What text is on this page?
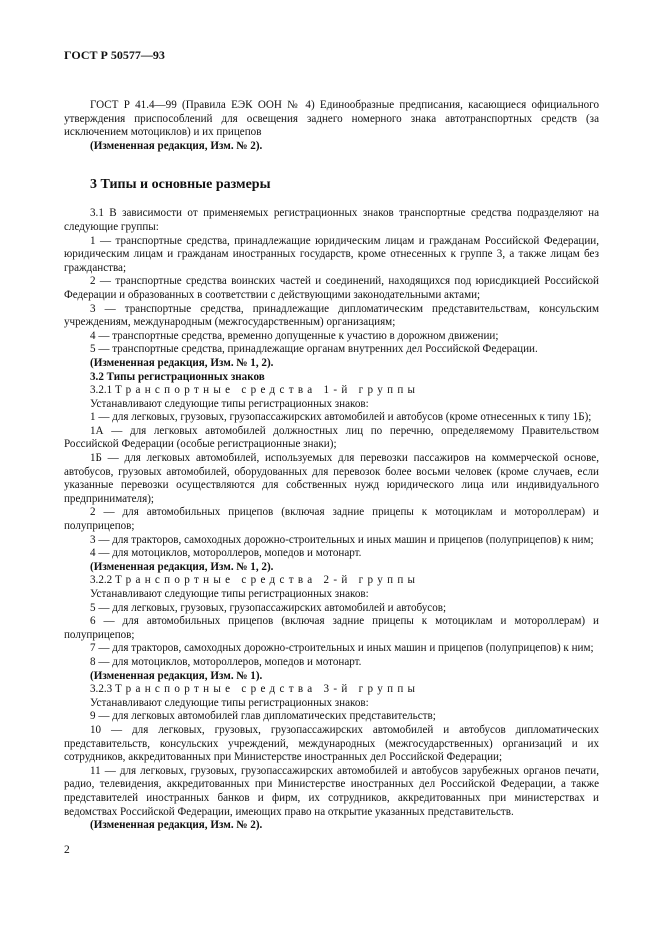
ГОСТ Р 50577—93

ГОСТ Р 41.4—99 (Правила ЕЭК ООН № 4) Единообразные предписания, касающиеся официального утверждения приспособлений для освещения заднего номерного знака автотранспортных средств (за исключением мотоциклов) и их прицепов

(Измененная редакция, Изм. № 2).

3 Типы и основные размеры

3.1 В зависимости от применяемых регистрационных знаков транспортные средства подразделяют на следующие группы:

1 — транспортные средства, принадлежащие юридическим лицам и гражданам Российской Федерации, юридическим лицам и гражданам иностранных государств, кроме отнесенных к группе 3, а также лицам без гражданства;

2 — транспортные средства воинских частей и соединений, находящихся под юрисдикцией Российской Федерации и образованных в соответствии с действующими законодательными актами;

3 — транспортные средства, принадлежащие дипломатическим представительствам, консульским учреждениям, международным (межгосударственным) организациям;

4 — транспортные средства, временно допущенные к участию в дорожном движении;

5 — транспортные средства, принадлежащие органам внутренних дел Российской Федерации.

(Измененная редакция, Изм. № 1, 2).

3.2 Типы регистрационных знаков

3.2.1 Транспортные средства 1-й группы

Устанавливают следующие типы регистрационных знаков:

1 — для легковых, грузовых, грузопассажирских автомобилей и автобусов (кроме отнесенных к типу 1Б);

1А — для легковых автомобилей должностных лиц по перечню, определяемому Правительством Российской Федерации (особые регистрационные знаки);

1Б — для легковых автомобилей, используемых для перевозки пассажиров на коммерческой основе, автобусов, грузовых автомобилей, оборудованных для перевозок более восьми человек (кроме случаев, если указанные перевозки осуществляются для собственных нужд юридического лица или индивидуального предпринимателя);

2 — для автомобильных прицепов (включая задние прицепы к мотоциклам и мотороллерам) и полуприцепов;

3 — для тракторов, самоходных дорожно-строительных и иных машин и прицепов (полуприцепов) к ним;

4 — для мотоциклов, мотороллеров, мопедов и мотонарт.

(Измененная редакция, Изм. № 1, 2).

3.2.2 Транспортные средства 2-й группы

Устанавливают следующие типы регистрационных знаков:

5 — для легковых, грузовых, грузопассажирских автомобилей и автобусов;

6 — для автомобильных прицепов (включая задние прицепы к мотоциклам и мотороллерам) и полуприцепов;

7 — для тракторов, самоходных дорожно-строительных и иных машин и прицепов (полуприцепов) к ним;

8 — для мотоциклов, мотороллеров, мопедов и мотонарт.

(Измененная редакция, Изм. № 1).

3.2.3 Транспортные средства 3-й группы

Устанавливают следующие типы регистрационных знаков:

9 — для легковых автомобилей глав дипломатических представительств;

10 — для легковых, грузовых, грузопассажирских автомобилей и автобусов дипломатических представительств, консульских учреждений, международных (межгосударственных) организаций и их сотрудников, аккредитованных при Министерстве иностранных дел Российской Федерации;

11 — для легковых, грузовых, грузопассажирских автомобилей и автобусов зарубежных органов печати, радио, телевидения, аккредитованных при Министерстве иностранных дел Российской Федерации, а также представителей иностранных банков и фирм, их сотрудников, аккредитованных при министерствах и ведомствах Российской Федерации, имеющих право на открытие указанных представительств.

(Измененная редакция, Изм. № 2).

2
